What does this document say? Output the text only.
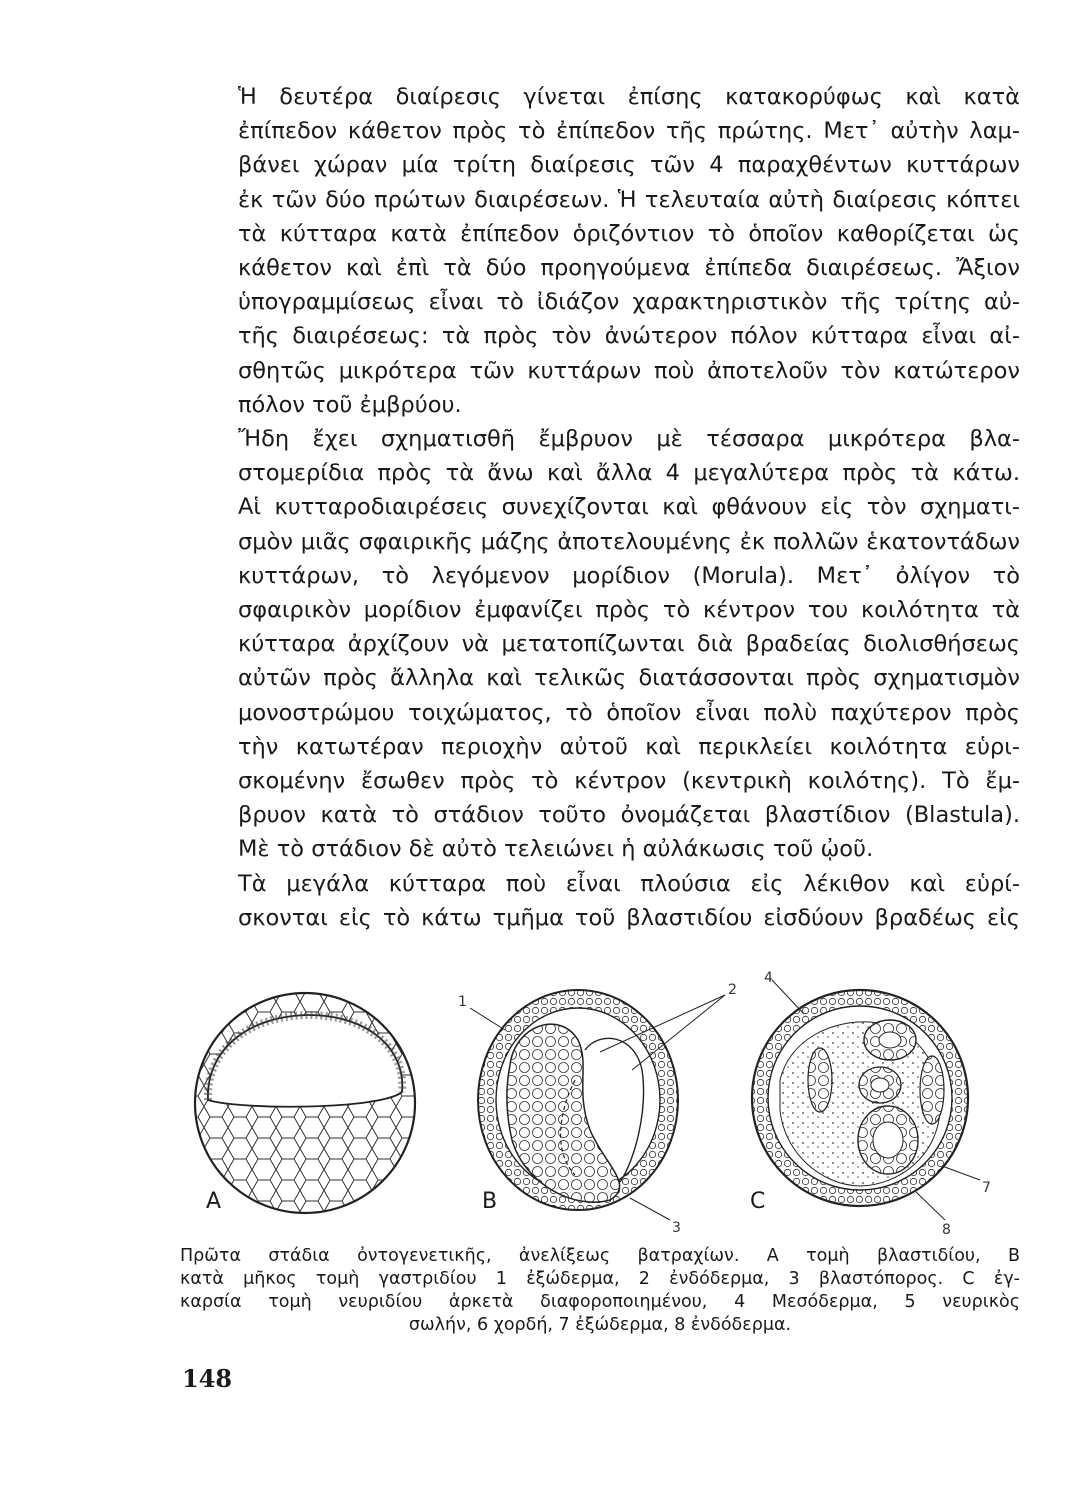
Ἡ δευτέρα διαίρεσις γίνεται ἐπίσης κατακορύφως καὶ κατὰ
ἐπίπεδον κάθετον πρὸς τὸ ἐπίπεδον τῆς πρώτης. Μετ᾽ αὐτὴν λαμ-
βάνει χώραν μία τρίτη διαίρεσις τῶν 4 παραχθέντων κυττάρων
ἐκ τῶν δύο πρώτων διαιρέσεων. Ἡ τελευταία αὐτὴ διαίρεσις κόπτει
τὰ κύτταρα κατὰ ἐπίπεδον ὁριζόντιον τὸ ὁποῖον καθορίζεται ὡς
κάθετον καὶ ἐπὶ τὰ δύο προηγούμενα ἐπίπεδα διαιρέσεως. Ἄξιον
ὑπογραμμίσεως εἶναι τὸ ἰδιάζον χαρακτηριστικὸν τῆς τρίτης αὐ-
τῆς διαιρέσεως: τὰ πρὸς τὸν ἀνώτερον πόλον κύτταρα εἶναι αἰ-
σθητῶς μικρότερα τῶν κυττάρων ποὺ ἀποτελοῦν τὸν κατώτερον
πόλον τοῦ ἐμβρύου.

Ἤδη ἔχει σχηματισθῆ ἔμβρυον μὲ τέσσαρα μικρότερα βλα-
στομερίδια πρὸς τὰ ἄνω καὶ ἄλλα 4 μεγαλύτερα πρὸς τὰ κάτω.
Αἱ κυτταροδιαιρέσεις συνεχίζονται καὶ φθάνουν εἰς τὸν σχηματι-
σμὸν μιᾶς σφαιρικῆς μάζης ἀποτελουμένης ἐκ πολλῶν ἑκατοντάδων
κυττάρων, τὸ λεγόμενον μορίδιον (Morula). Μετ᾽ ὀλίγον τὸ
σφαιρικὸν μορίδιον ἐμφανίζει πρὸς τὸ κέντρον του κοιλότητα τὰ
κύτταρα ἀρχίζουν νὰ μετατοπίζωνται διὰ βραδείας διολισθήσεως
αὐτῶν πρὸς ἄλληλα καὶ τελικῶς διατάσσονται πρὸς σχηματισμὸν
μονοστρώμου τοιχώματος, τὸ ὁποῖον εἶναι πολὺ παχύτερον πρὸς
τὴν κατωτέραν περιοχὴν αὐτοῦ καὶ περικλείει κοιλότητα εὑρι-
σκομένην ἔσωθεν πρὸς τὸ κέντρον (κεντρικὴ κοιλότης). Τὸ ἔμ-
βρυον κατὰ τὸ στάδιον τοῦτο ὀνομάζεται βλαστίδιον (Blastula).
Μὲ τὸ στάδιον δὲ αὐτὸ τελειώνει ἡ αὐλάκωσις τοῦ ᾠοῦ.

Τὰ μεγάλα κύτταρα ποὺ εἶναι πλούσια εἰς λέκιθον καὶ εὑρί-
σκονται εἰς τὸ κάτω τμῆμα τοῦ βλαστιδίου εἰσδύουν βραδέως εἰς

A	B	C
1
2
3
4
7
8
Πρῶτα στάδια ὀντογενετικῆς, ἀνελίξεως βατραχίων. Α τομὴ βλαστιδίου, Β
κατὰ μῆκος τομὴ γαστριδίου 1 ἐξώδερμα, 2 ἐνδόδερμα, 3 βλαστόπορος. C ἐγ-
καρσία τομὴ νευριδίου ἀρκετὰ διαφοροποιημένου, 4 Μεσόδερμα, 5 νευρικὸς
σωλήν, 6 χορδή, 7 ἐξώδερμα, 8 ἐνδόδερμα.
148
